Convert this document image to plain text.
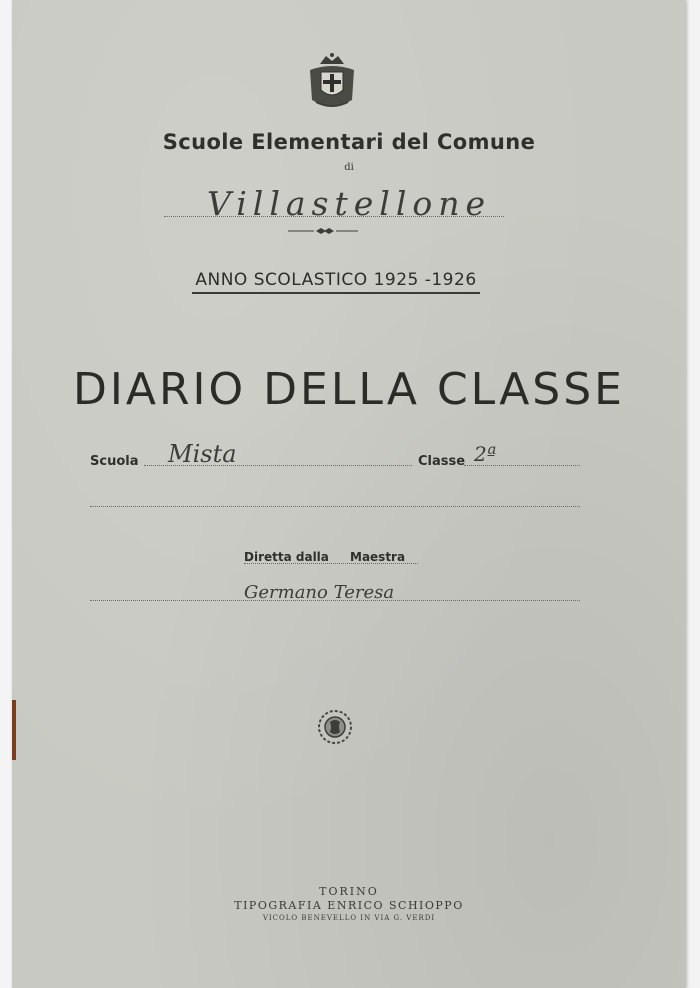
Scuole Elementari del Comune
di
Villastellone
ANNO SCOLASTICO 1925 -1926
DIARIO DELLA CLASSE
Scuola Mista	Classe 2ª
Diretta dalla Maestra
Germano Teresa
TORINO
TIPOGRAFIA ENRICO SCHIOPPO
VICOLO BENEVELLO IN VIA G. VERDI
